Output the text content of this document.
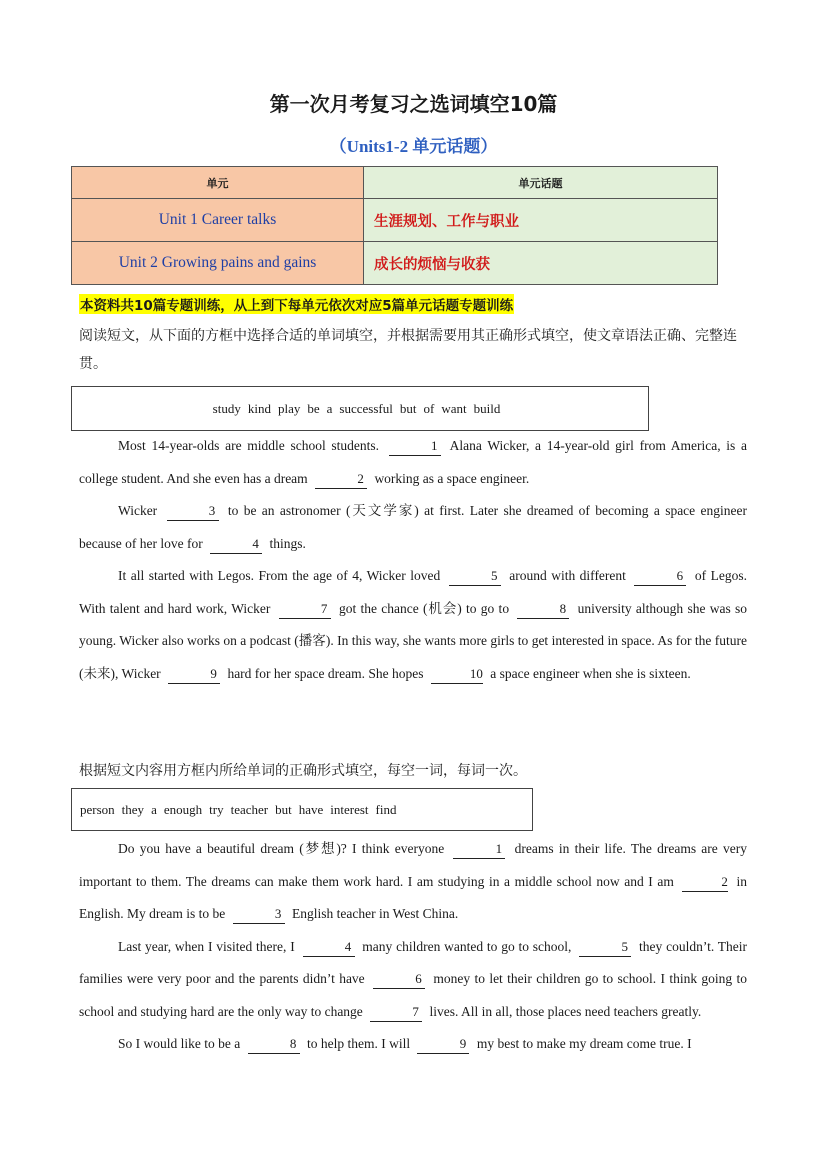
第一次月考复习之选词填空10篇
（Units1-2 单元话题）
单元	单元话题
Unit 1 Career talks	生涯规划、工作与职业
Unit 2 Growing pains and gains	成长的烦恼与收获
本资料共10篇专题训练，从上到下每单元依次对应5篇单元话题专题训练
阅读短文，从下面的方框中选择合适的单词填空，并根据需要用其正确形式填空，使文章语法正确、完整连贯。
study kind play be a successful but of want build

Most 14-year-olds are middle school students.	1 Alana Wicker, a 14-year-old girl from America, is a college student. And she even has a dream	2 working as a space engineer.

Wicker	3 to be an astronomer (天文学家) at first. Later she dreamed of becoming a space engineer because of her love for	4 things.

It all started with Legos. From the age of 4, Wicker loved	5 around with different	6 of Legos. With talent and hard work, Wicker	7 got the chance (机会) to go to	8 university although she was so young. Wicker also works on a podcast (播客). In this way, she wants more girls to get interested in space. As for the future (未来), Wicker	9 hard for her space dream. She hopes	10 a space engineer when she is sixteen.

根据短文内容用方框内所给单词的正确形式填空，每空一词，每词一次。
person they a enough try teacher but have interest find

Do you have a beautiful dream (梦想)? I think everyone	1 dreams in their life. The dreams are very important to them. The dreams can make them work hard. I am studying in a middle school now and I am	2 in English. My dream is to be	3 English teacher in West China.

Last year, when I visited there, I	4 many children wanted to go to school,	5 they couldn’t. Their families were very poor and the parents didn’t have	6 money to let their children go to school. I think going to school and studying hard are the only way to change	7 lives. All in all, those places need teachers greatly.

So I would like to be a	8 to help them. I will	9 my best to make my dream come true. I
